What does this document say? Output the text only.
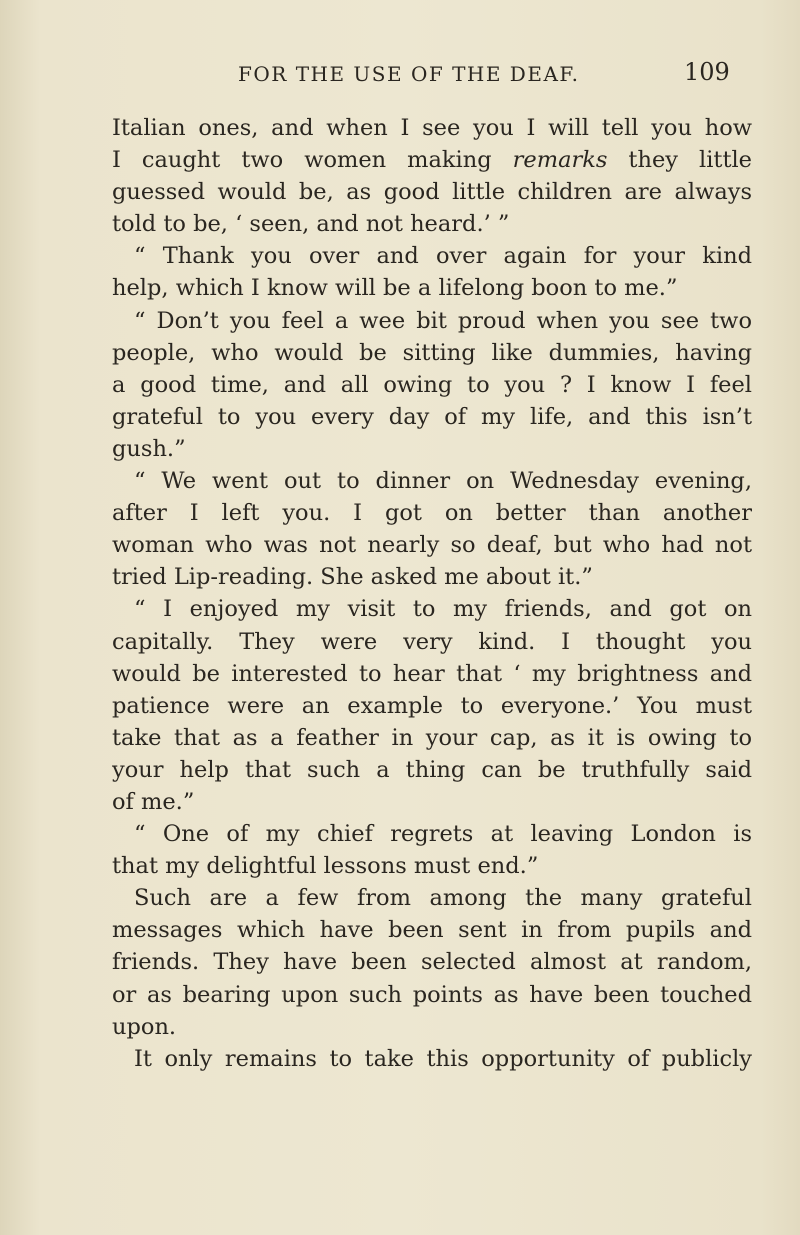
FOR THE USE OF THE DEAF.	109
Italian ones, and when I see you I will tell you how
I caught two women making remarks they little
guessed would be, as good little children are always
told to be, ‘ seen, and not heard.’ ”
“ Thank you over and over again for your kind
help, which I know will be a lifelong boon to me.”
“ Don’t you feel a wee bit proud when you see two
people, who would be sitting like dummies, having
a good time, and all owing to you ? I know I feel
grateful to you every day of my life, and this isn’t
gush.”
“ We went out to dinner on Wednesday evening,
after I left you. I got on better than another
woman who was not nearly so deaf, but who had not
tried Lip-reading. She asked me about it.”
“ I enjoyed my visit to my friends, and got on
capitally. They were very kind. I thought you
would be interested to hear that ‘ my brightness and
patience were an example to everyone.’ You must
take that as a feather in your cap, as it is owing to
your help that such a thing can be truthfully said
of me.”
“ One of my chief regrets at leaving London is
that my delightful lessons must end.”
Such are a few from among the many grateful
messages which have been sent in from pupils and
friends. They have been selected almost at random,
or as bearing upon such points as have been touched
upon.
It only remains to take this opportunity of publicly
